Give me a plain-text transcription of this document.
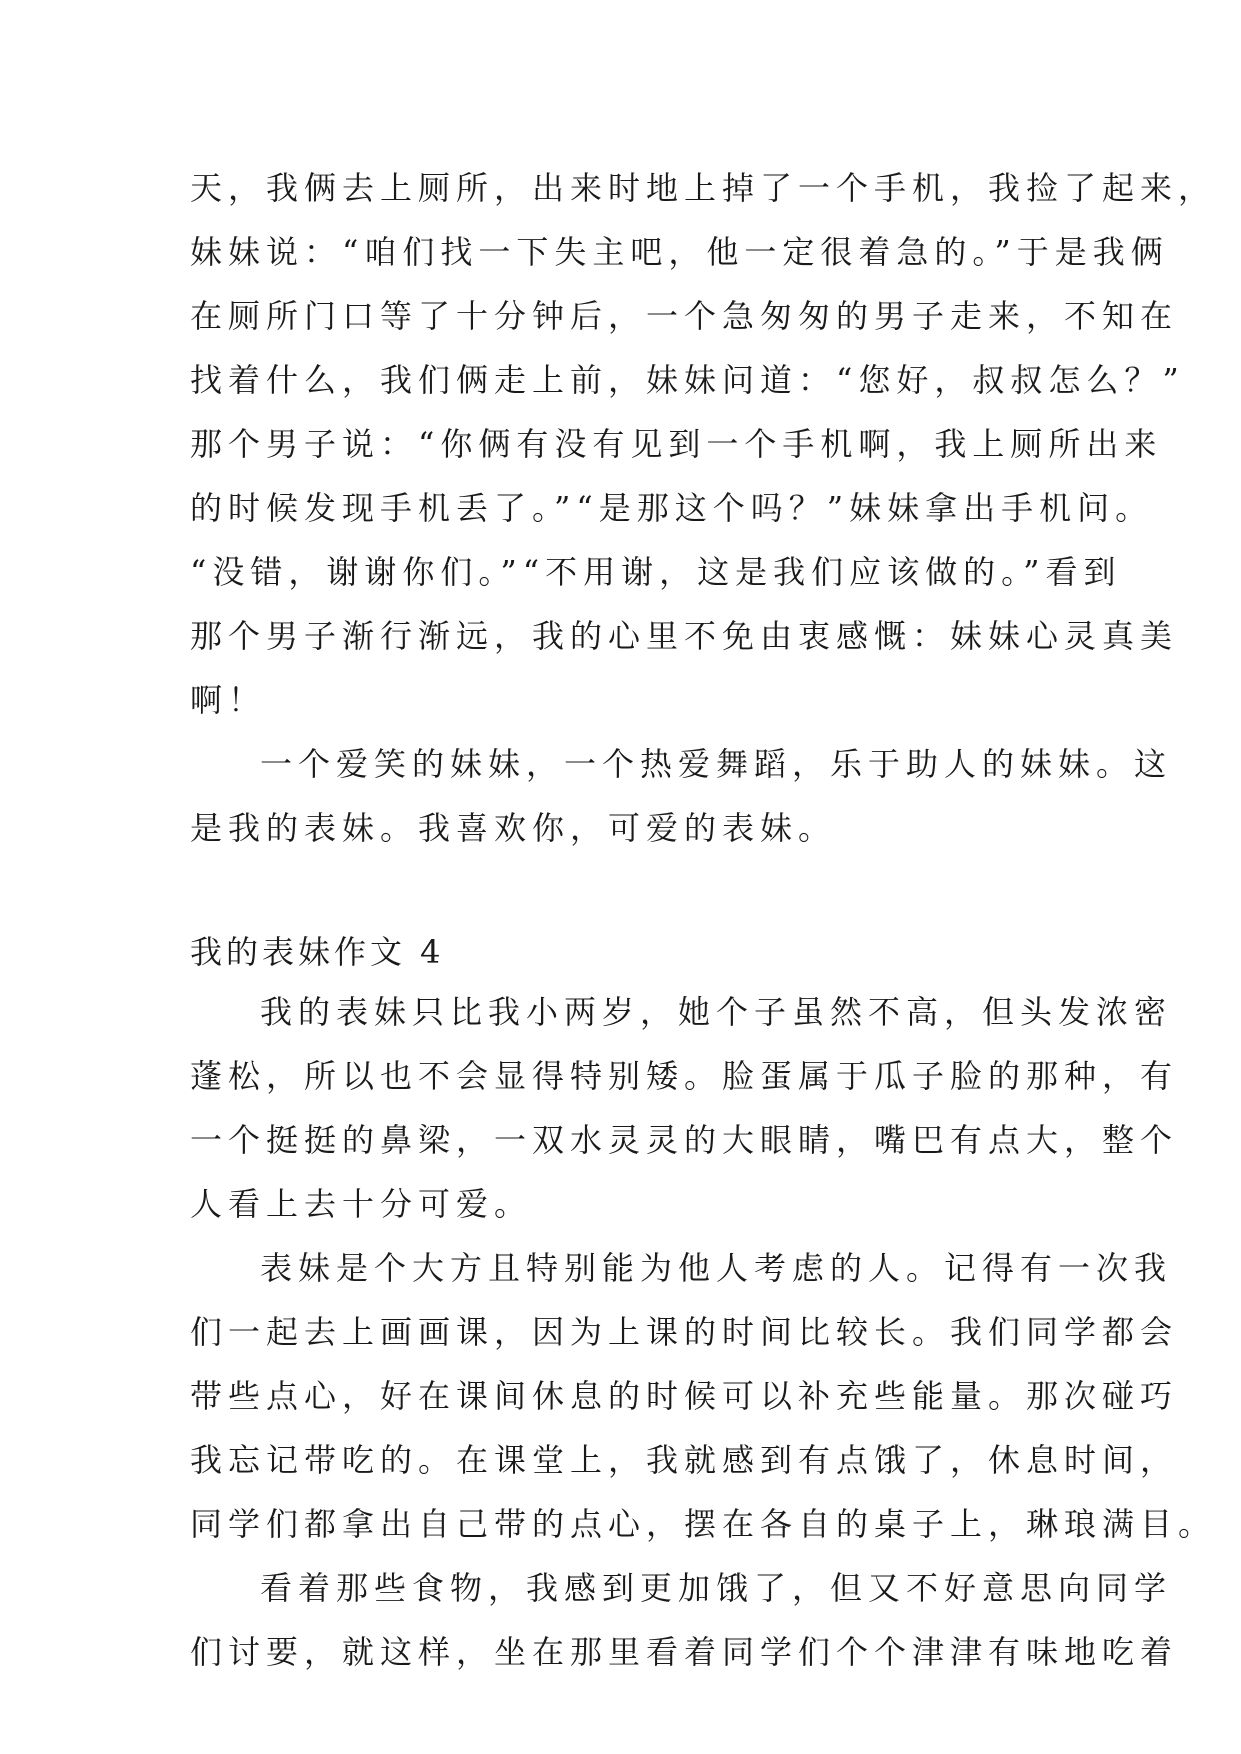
天，我俩去上厕所，出来时地上掉了一个手机，我捡了起来，
妹妹说：“咱们找一下失主吧，他一定很着急的。”于是我俩
在厕所门口等了十分钟后，一个急匆匆的男子走来，不知在
找着什么，我们俩走上前，妹妹问道：“您好，叔叔怎么？”
那个男子说：“你俩有没有见到一个手机啊，我上厕所出来
的时候发现手机丢了。”“是那这个吗？”妹妹拿出手机问。
“没错，谢谢你们。”“不用谢，这是我们应该做的。”看到
那个男子渐行渐远，我的心里不免由衷感慨：妹妹心灵真美
啊！
一个爱笑的妹妹，一个热爱舞蹈，乐于助人的妹妹。这
是我的表妹。我喜欢你，可爱的表妹。
我的表妹作文 4
我的表妹只比我小两岁，她个子虽然不高，但头发浓密
蓬松，所以也不会显得特别矮。脸蛋属于瓜子脸的那种，有
一个挺挺的鼻梁，一双水灵灵的大眼睛，嘴巴有点大，整个
人看上去十分可爱。
表妹是个大方且特别能为他人考虑的人。记得有一次我
们一起去上画画课，因为上课的时间比较长。我们同学都会
带些点心，好在课间休息的时候可以补充些能量。那次碰巧
我忘记带吃的。在课堂上，我就感到有点饿了，休息时间，
同学们都拿出自己带的点心，摆在各自的桌子上，琳琅满目。
看着那些食物，我感到更加饿了，但又不好意思向同学
们讨要，就这样，坐在那里看着同学们个个津津有味地吃着
